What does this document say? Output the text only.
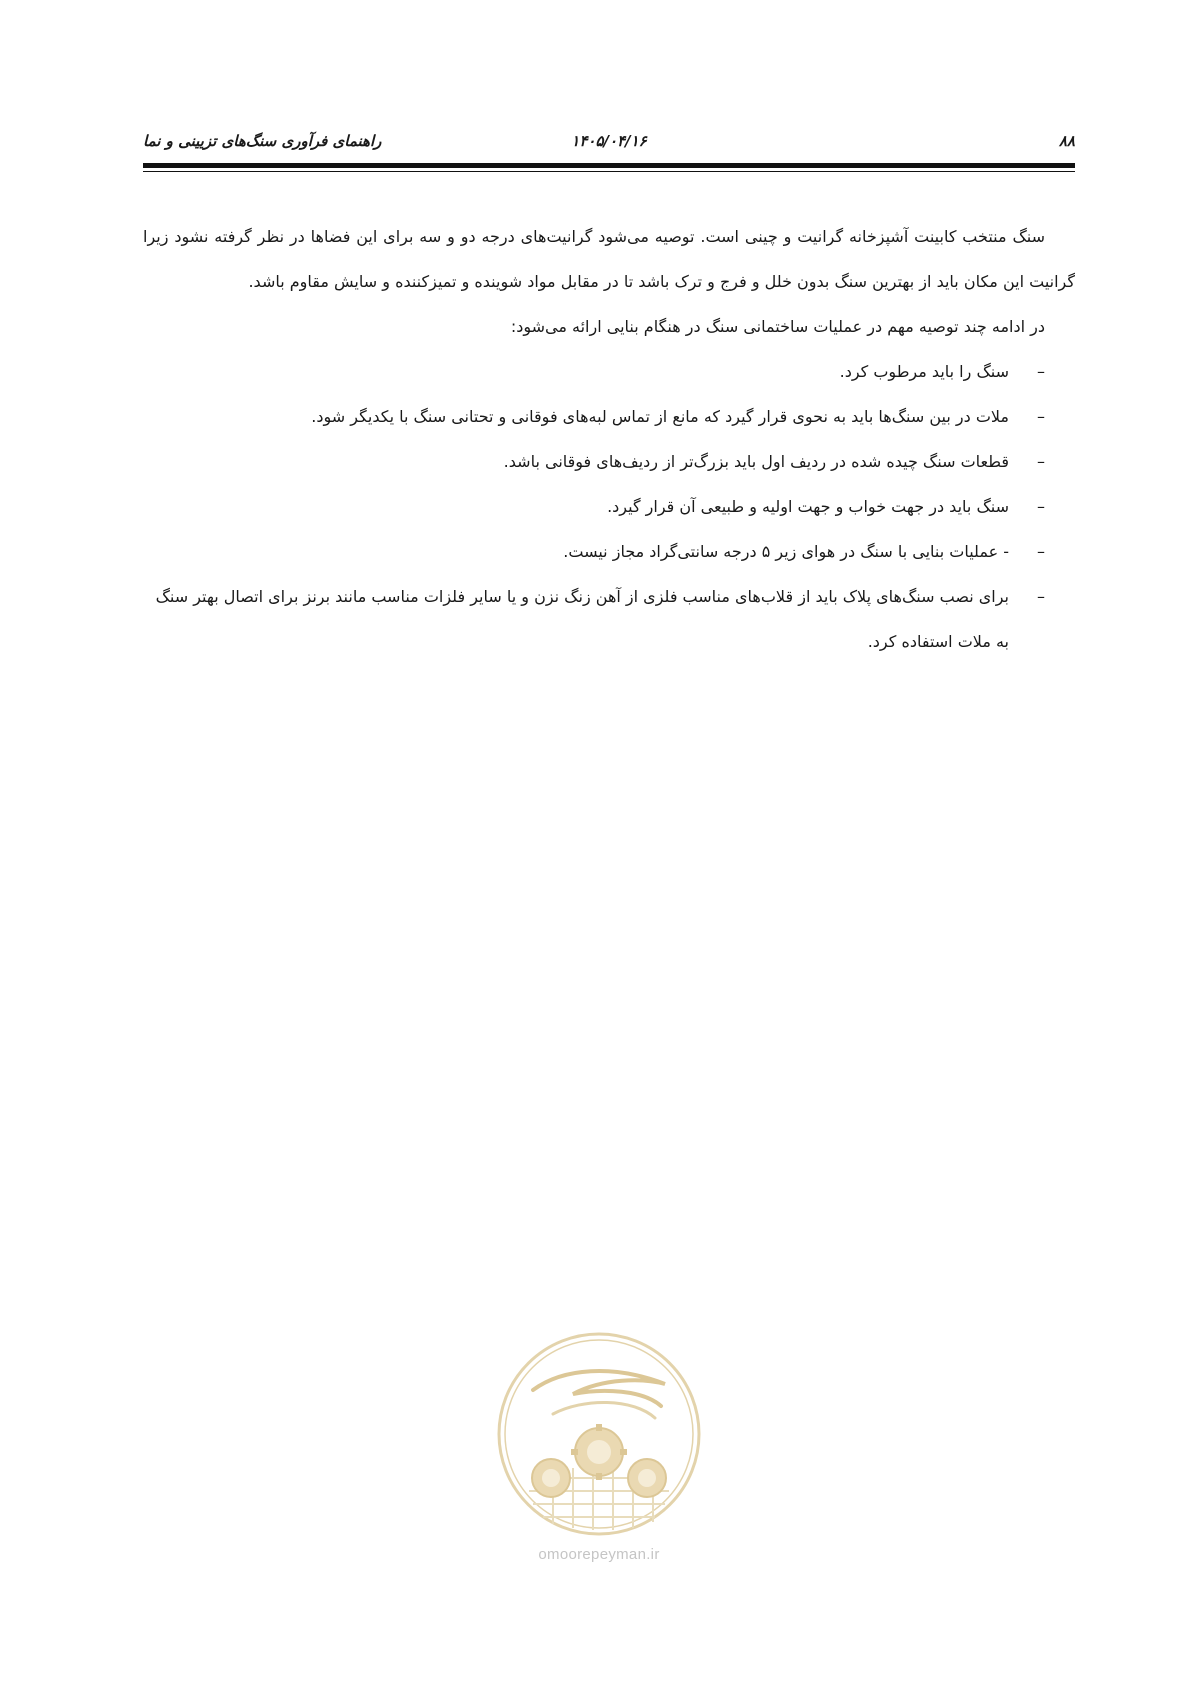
۸۸
۱۴۰۵/۰۴/۱۶
راهنمای فرآوری سنگ‌های تزیینی و نما

سنگ منتخب کابینت آشپزخانه گرانیت و چینی است. توصیه می‌شود گرانیت‌های درجه دو و سه برای این فضاها در نظر گرفته نشود زیرا گرانیت این مکان باید از بهترین سنگ بدون خلل و فرج و ترک باشد تا در مقابل مواد شوینده و تمیزکننده و سایش مقاوم باشد.

در ادامه چند توصیه مهم در عملیات ساختمانی سنگ در هنگام بنایی ارائه می‌شود:

–
سنگ را باید مرطوب کرد.
–
ملات در بین سنگ‌ها باید به نحوی قرار گیرد که مانع از تماس لبه‌های فوقانی و تحتانی سنگ با یکدیگر شود.
–
قطعات سنگ چیده شده در ردیف اول باید بزرگ‌تر از ردیف‌های فوقانی باشد.
–
سنگ باید در جهت خواب و جهت اولیه و طبیعی آن قرار گیرد.
–
- عملیات بنایی با سنگ در هوای زیر ۵ درجه سانتی‌گراد مجاز نیست.
–
برای نصب سنگ‌های پلاک باید از قلاب‌های مناسب فلزی از آهن زنگ نزن و یا سایر فلزات مناسب مانند برنز برای اتصال بهتر سنگ به ملات استفاده کرد.
omoorepeyman.ir
